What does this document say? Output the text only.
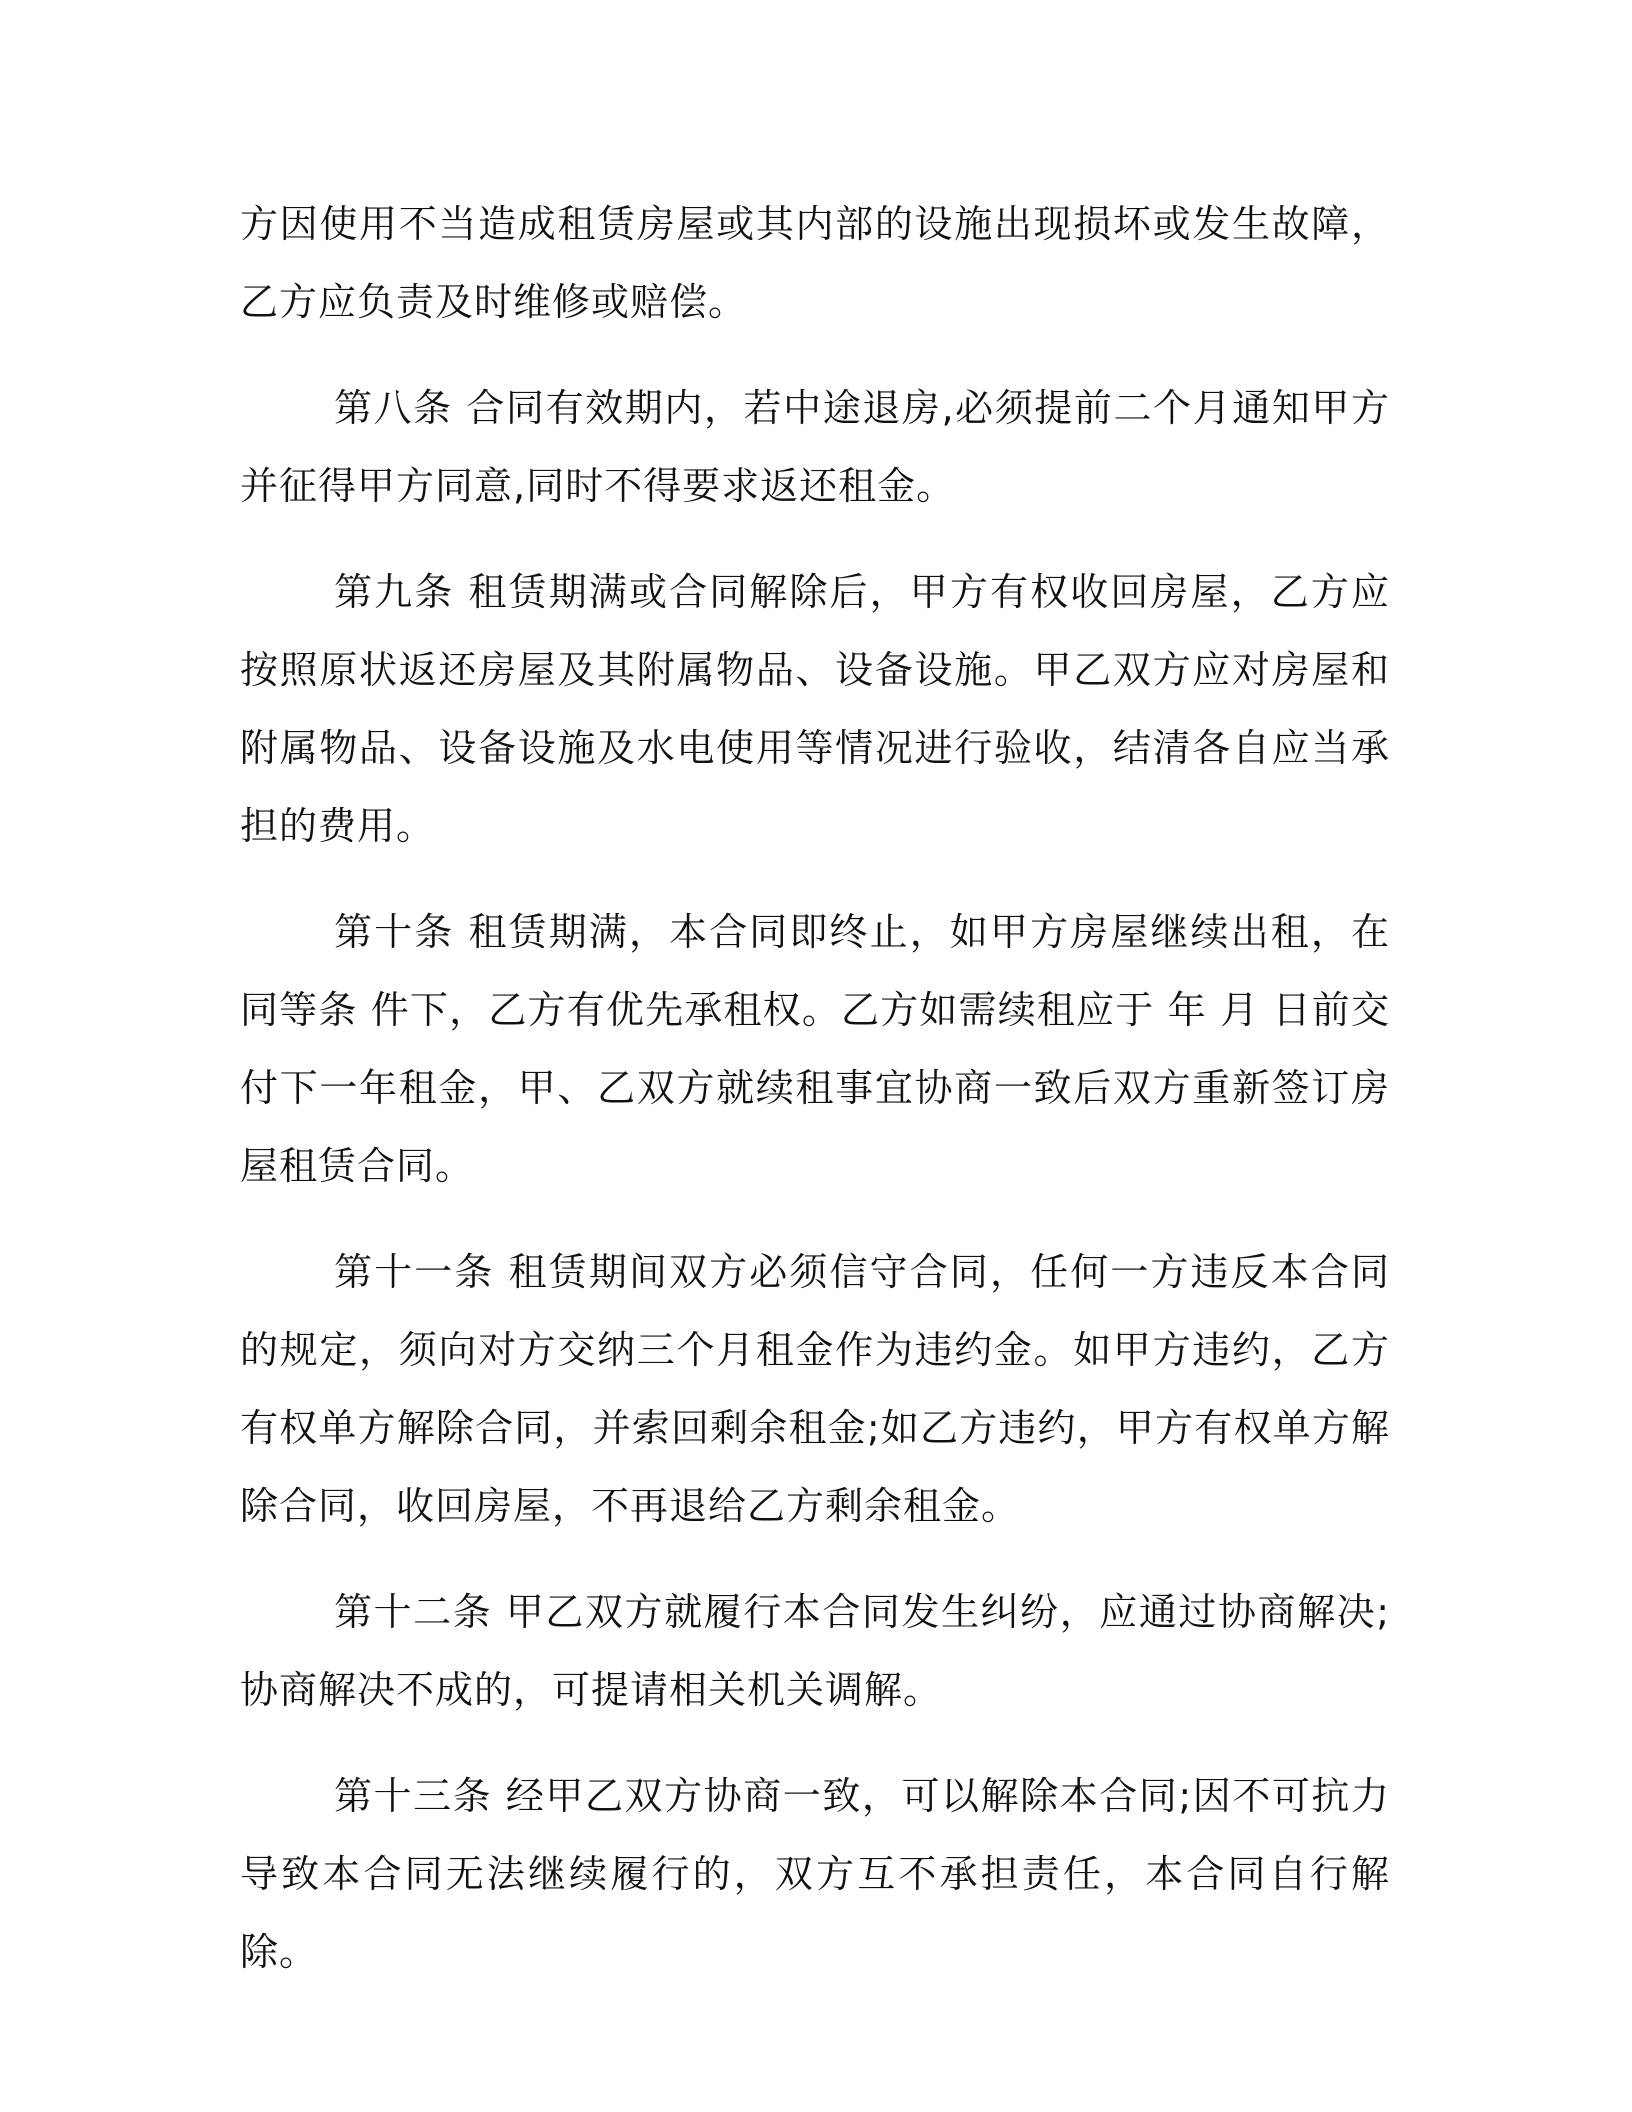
方因使用不当造成租赁房屋或其内部的设施出现损坏或发生故障，乙方应负责及时维修或赔偿。

第八条 合同有效期内，若中途退房,必须提前二个月通知甲方并征得甲方同意,同时不得要求返还租金。

第九条 租赁期满或合同解除后，甲方有权收回房屋，乙方应按照原状返还房屋及其附属物品、设备设施。甲乙双方应对房屋和附属物品、设备设施及水电使用等情况进行验收，结清各自应当承担的费用。

第十条 租赁期满，本合同即终止，如甲方房屋继续出租，在同等条 件下，乙方有优先承租权。乙方如需续租应于 年 月 日前交付下一年租金，甲、乙双方就续租事宜协商一致后双方重新签订房屋租赁合同。

第十一条 租赁期间双方必须信守合同，任何一方违反本合同的规定，须向对方交纳三个月租金作为违约金。如甲方违约，乙方有权单方解除合同，并索回剩余租金;如乙方违约，甲方有权单方解除合同，收回房屋，不再退给乙方剩余租金。

第十二条 甲乙双方就履行本合同发生纠纷，应通过协商解决;协商解决不成的，可提请相关机关调解。

第十三条 经甲乙双方协商一致，可以解除本合同;因不可抗力导致本合同无法继续履行的，双方互不承担责任，本合同自行解除。
